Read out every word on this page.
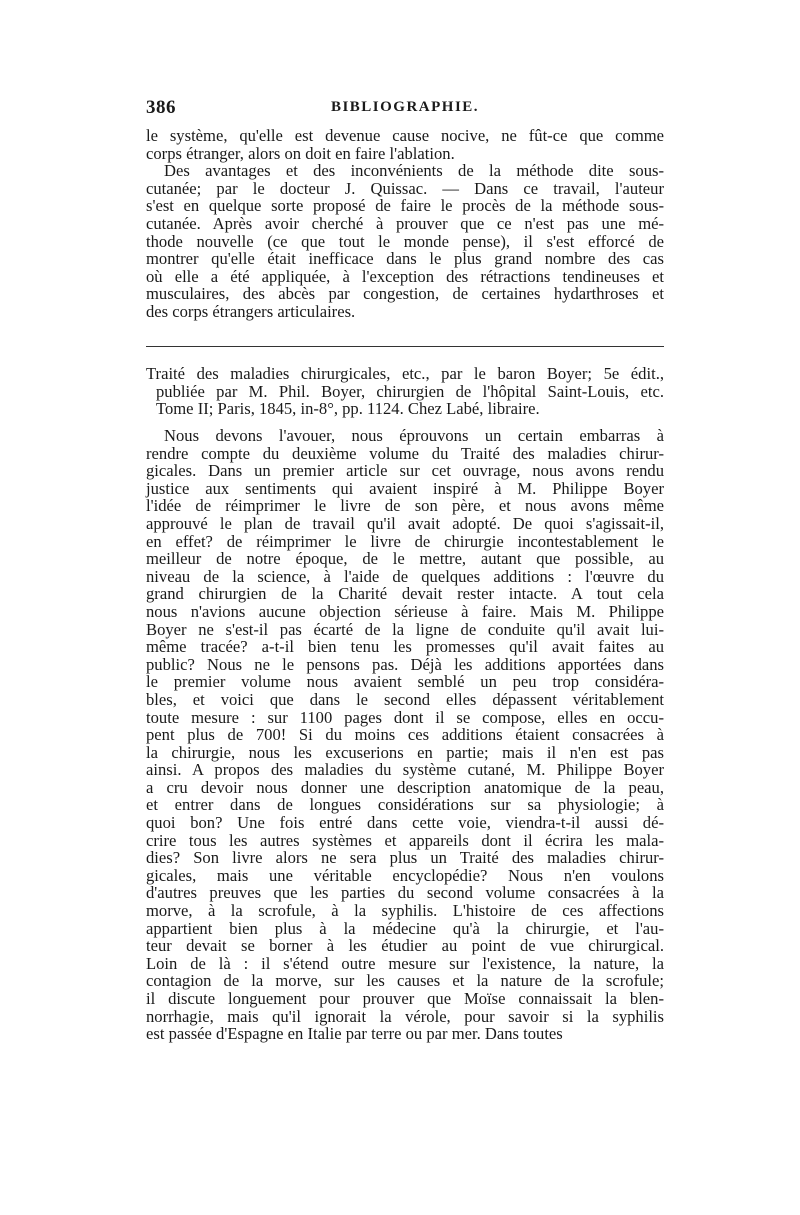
386	BIBLIOGRAPHIE.
le système, qu'elle est devenue cause nocive, ne fût-ce que comme
corps étranger, alors on doit en faire l'ablation.
Des avantages et des inconvénients de la méthode dite sous-
cutanée; par le docteur J. Quissac. — Dans ce travail, l'auteur
s'est en quelque sorte proposé de faire le procès de la méthode sous-
cutanée. Après avoir cherché à prouver que ce n'est pas une mé-
thode nouvelle (ce que tout le monde pense), il s'est efforcé de
montrer qu'elle était inefficace dans le plus grand nombre des cas
où elle a été appliquée, à l'exception des rétractions tendineuses et
musculaires, des abcès par congestion, de certaines hydarthroses et
des corps étrangers articulaires.
Traité des maladies chirurgicales, etc., par le baron Boyer; 5e édit.,
publiée par M. Phil. Boyer, chirurgien de l'hôpital Saint-Louis, etc.
Tome II; Paris, 1845, in-8°, pp. 1124. Chez Labé, libraire.
Nous devons l'avouer, nous éprouvons un certain embarras à
rendre compte du deuxième volume du Traité des maladies chirur-
gicales. Dans un premier article sur cet ouvrage, nous avons rendu
justice aux sentiments qui avaient inspiré à M. Philippe Boyer
l'idée de réimprimer le livre de son père, et nous avons même
approuvé le plan de travail qu'il avait adopté. De quoi s'agissait-il,
en effet? de réimprimer le livre de chirurgie incontestablement le
meilleur de notre époque, de le mettre, autant que possible, au
niveau de la science, à l'aide de quelques additions : l'œuvre du
grand chirurgien de la Charité devait rester intacte. A tout cela
nous n'avions aucune objection sérieuse à faire. Mais M. Philippe
Boyer ne s'est-il pas écarté de la ligne de conduite qu'il avait lui-
même tracée? a-t-il bien tenu les promesses qu'il avait faites au
public? Nous ne le pensons pas. Déjà les additions apportées dans
le premier volume nous avaient semblé un peu trop considéra-
bles, et voici que dans le second elles dépassent véritablement
toute mesure : sur 1100 pages dont il se compose, elles en occu-
pent plus de 700! Si du moins ces additions étaient consacrées à
la chirurgie, nous les excuserions en partie; mais il n'en est pas
ainsi. A propos des maladies du système cutané, M. Philippe Boyer
a cru devoir nous donner une description anatomique de la peau,
et entrer dans de longues considérations sur sa physiologie; à
quoi bon? Une fois entré dans cette voie, viendra-t-il aussi dé-
crire tous les autres systèmes et appareils dont il écrira les mala-
dies? Son livre alors ne sera plus un Traité des maladies chirur-
gicales, mais une véritable encyclopédie? Nous n'en voulons
d'autres preuves que les parties du second volume consacrées à la
morve, à la scrofule, à la syphilis. L'histoire de ces affections
appartient bien plus à la médecine qu'à la chirurgie, et l'au-
teur devait se borner à les étudier au point de vue chirurgical.
Loin de là : il s'étend outre mesure sur l'existence, la nature, la
contagion de la morve, sur les causes et la nature de la scrofule;
il discute longuement pour prouver que Moïse connaissait la blen-
norrhagie, mais qu'il ignorait la vérole, pour savoir si la syphilis
est passée d'Espagne en Italie par terre ou par mer. Dans toutes
